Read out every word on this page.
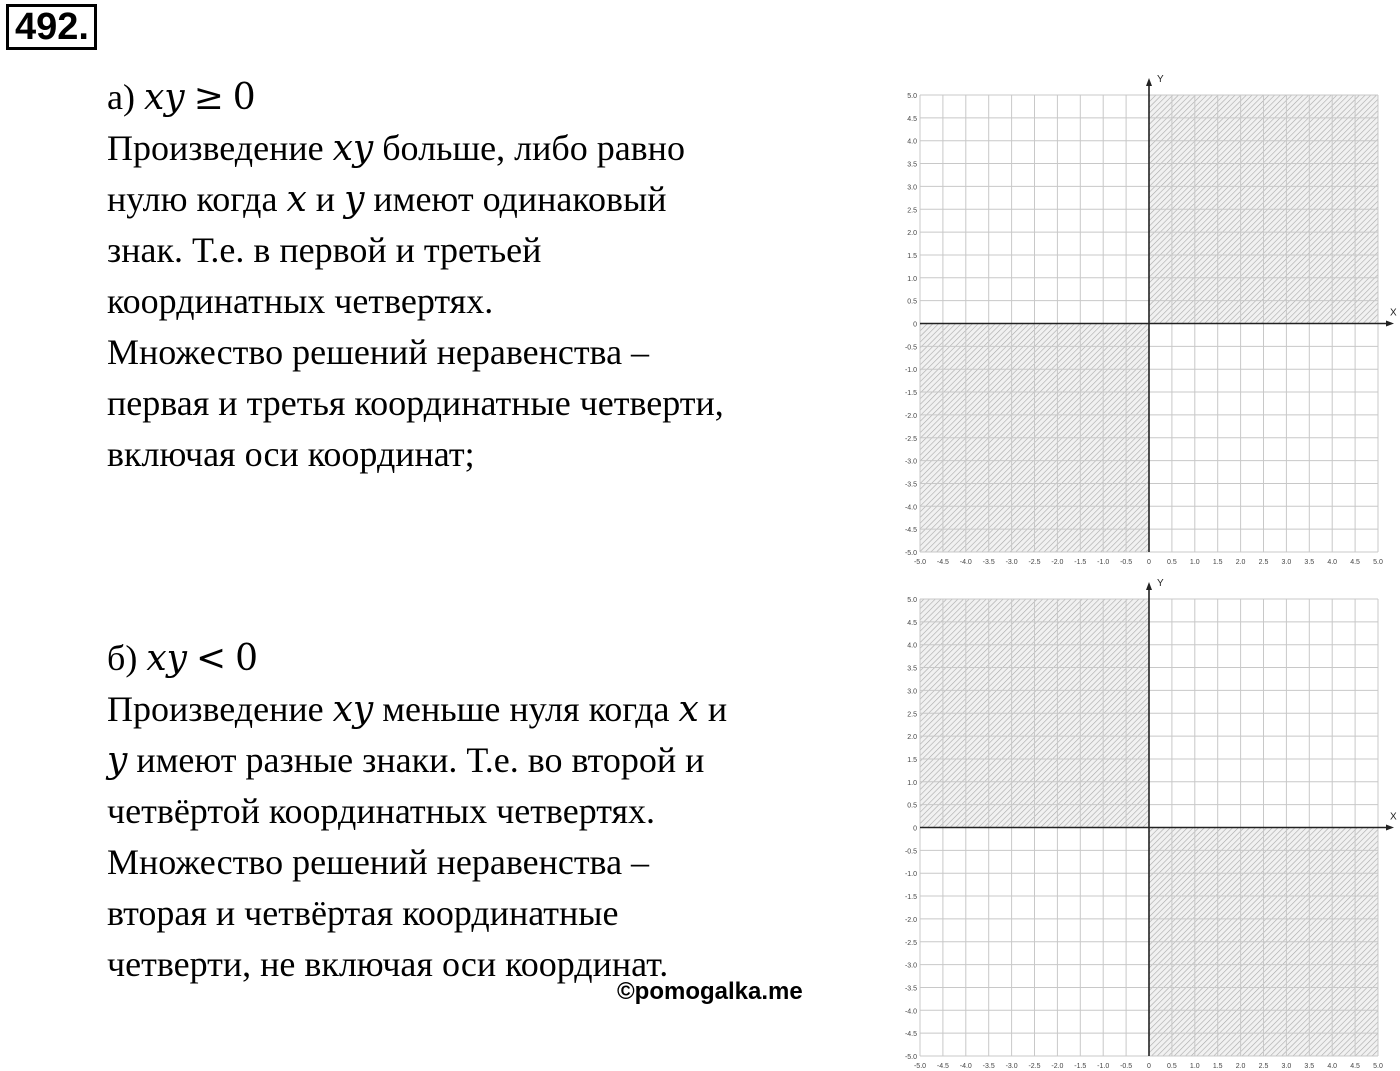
492.
а) xy ≥ 0
Произведение xy больше, либо равно
нулю когда x и y имеют одинаковый
знак. Т.е. в первой и третьей
координатных четвертях.
Множество решений неравенства –
первая и третья координатные четверти,
включая оси координат;
б) xy < 0
Произведение xy меньше нуля когда x и
y имеют разные знаки. Т.е. во второй и
четвёртой координатных четвертях.
Множество решений неравенства –
вторая и четвёртая координатные
четверти, не включая оси координат.
©pomogalka.me
X
Y
-5.0 -4.5 -4.0 -3.5 -3.0 -2.5 -2.0 -1.5 -1.0 -0.5 0 0.5 1.0 1.5 2.0 2.5 3.0 3.5 4.0 4.5 5.0
5.0
4.5
4.0
3.5
3.0
2.5
2.0
1.5
1.0
0.5
0
-0.5
-1.0
-1.5
-2.0
-2.5
-3.0
-3.5
-4.0
-4.5
-5.0
X
Y
-5.0 -4.5 -4.0 -3.5 -3.0 -2.5 -2.0 -1.5 -1.0 -0.5 0 0.5 1.0 1.5 2.0 2.5 3.0 3.5 4.0 4.5 5.0
5.0
4.5
4.0
3.5
3.0
2.5
2.0
1.5
1.0
0.5
0
-0.5
-1.0
-1.5
-2.0
-2.5
-3.0
-3.5
-4.0
-4.5
-5.0
